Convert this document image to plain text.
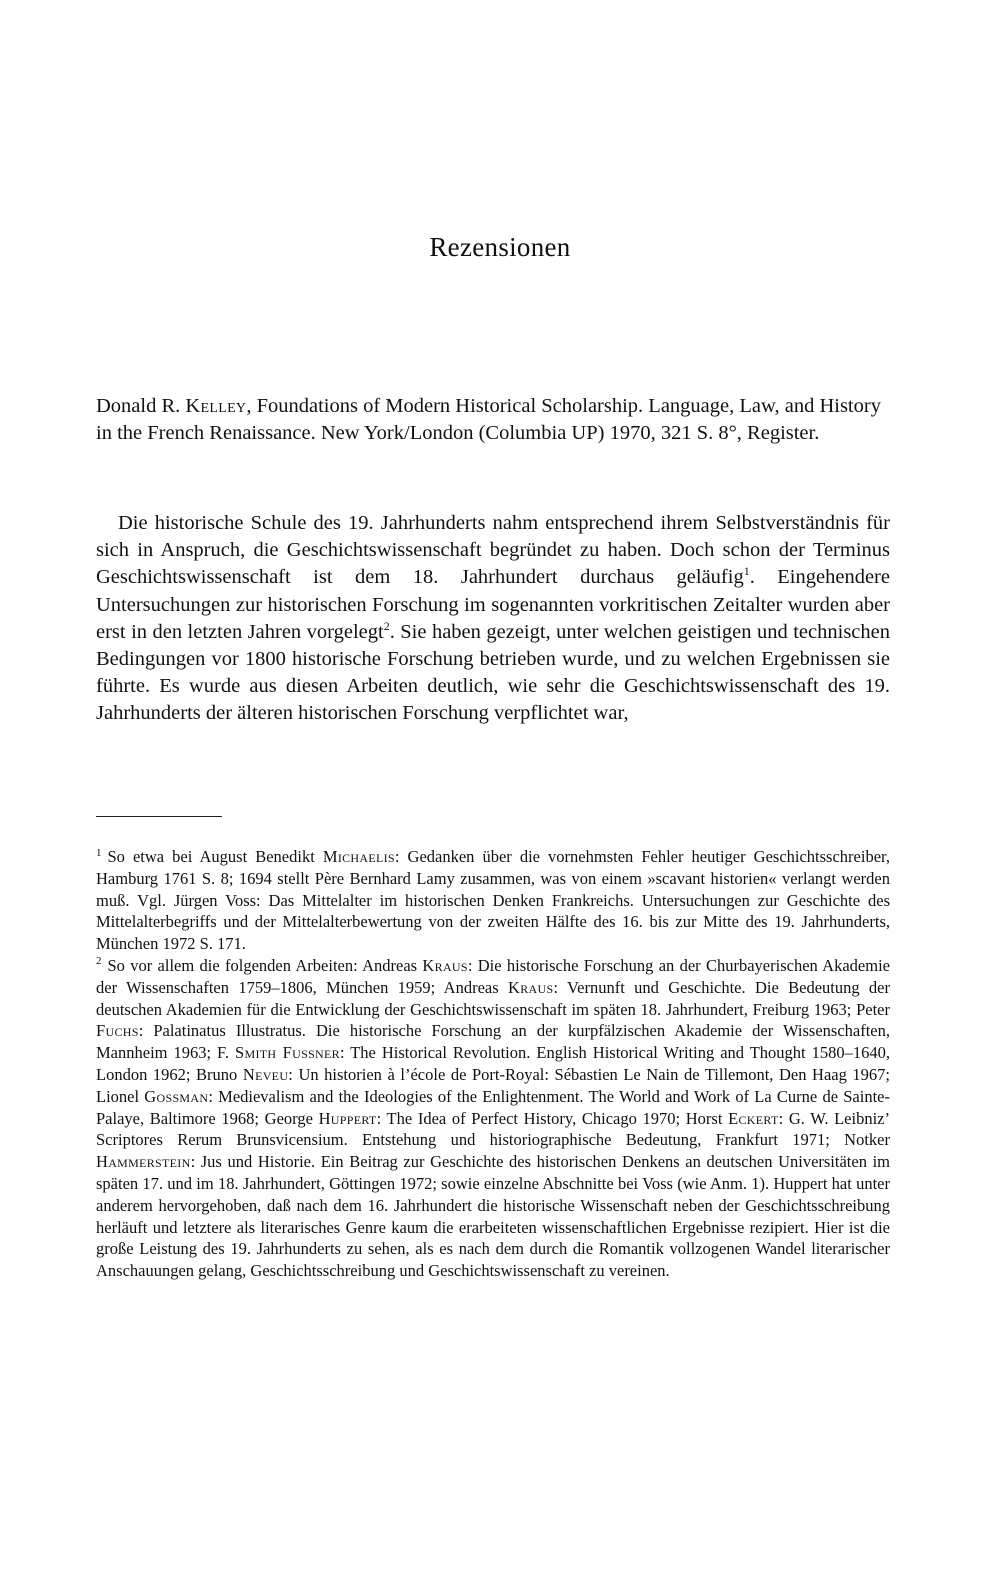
Rezensionen

Donald R. Kelley, Foundations of Modern Historical Scholarship. Language, Law, and History in the French Renaissance. New York/London (Columbia UP) 1970, 321 S. 8°, Register.

Die historische Schule des 19. Jahrhunderts nahm entsprechend ihrem Selbstverständnis für sich in Anspruch, die Geschichtswissenschaft begründet zu haben. Doch schon der Terminus Geschichtswissenschaft ist dem 18. Jahrhundert durchaus geläufig$^1$. Eingehendere Untersuchungen zur historischen Forschung im sogenannten vorkritischen Zeitalter wurden aber erst in den letzten Jahren vorgelegt$^2$. Sie haben gezeigt, unter welchen geistigen und technischen Bedingungen vor 1800 historische Forschung betrieben wurde, und zu welchen Ergebnissen sie führte. Es wurde aus diesen Arbeiten deutlich, wie sehr die Geschichtswissenschaft des 19. Jahrhunderts der älteren historischen Forschung verpflichtet war,

$^1$ So etwa bei August Benedikt Michaelis: Gedanken über die vornehmsten Fehler heutiger Geschichtsschreiber, Hamburg 1761 S. 8; 1694 stellt Père Bernhard Lamy zusammen, was von einem »scavant historien« verlangt werden muß. Vgl. Jürgen Voss: Das Mittelalter im historischen Denken Frankreichs. Untersuchungen zur Geschichte des Mittelalterbegriffs und der Mittelalterbewertung von der zweiten Hälfte des 16. bis zur Mitte des 19. Jahrhunderts, München 1972 S. 171.

$^2$ So vor allem die folgenden Arbeiten: Andreas Kraus: Die historische Forschung an der Churbayerischen Akademie der Wissenschaften 1759–1806, München 1959; Andreas Kraus: Vernunft und Geschichte. Die Bedeutung der deutschen Akademien für die Entwicklung der Geschichtswissenschaft im späten 18. Jahrhundert, Freiburg 1963; Peter Fuchs: Palatinatus Illustratus. Die historische Forschung an der kurpfälzischen Akademie der Wissenschaften, Mannheim 1963; F. Smith Fussner: The Historical Revolution. English Historical Writing and Thought 1580–1640, London 1962; Bruno Neveu: Un historien à l’école de Port-Royal: Sébastien Le Nain de Tillemont, Den Haag 1967; Lionel Gossman: Medievalism and the Ideologies of the Enlightenment. The World and Work of La Curne de Sainte-Palaye, Baltimore 1968; George Huppert: The Idea of Perfect History, Chicago 1970; Horst Eckert: G. W. Leibniz’ Scriptores Rerum Brunsvicensium. Entstehung und historiographische Bedeutung, Frankfurt 1971; Notker Hammerstein: Jus und Historie. Ein Beitrag zur Geschichte des historischen Denkens an deutschen Universitäten im späten 17. und im 18. Jahrhundert, Göttingen 1972; sowie einzelne Abschnitte bei Voss (wie Anm. 1). Huppert hat unter anderem hervorgehoben, daß nach dem 16. Jahrhundert die historische Wissenschaft neben der Geschichtsschreibung herläuft und letztere als literarisches Genre kaum die erarbeiteten wissenschaftlichen Ergebnisse rezipiert. Hier ist die große Leistung des 19. Jahrhunderts zu sehen, als es nach dem durch die Romantik vollzogenen Wandel literarischer Anschauungen gelang, Geschichtsschreibung und Geschichtswissenschaft zu vereinen.
